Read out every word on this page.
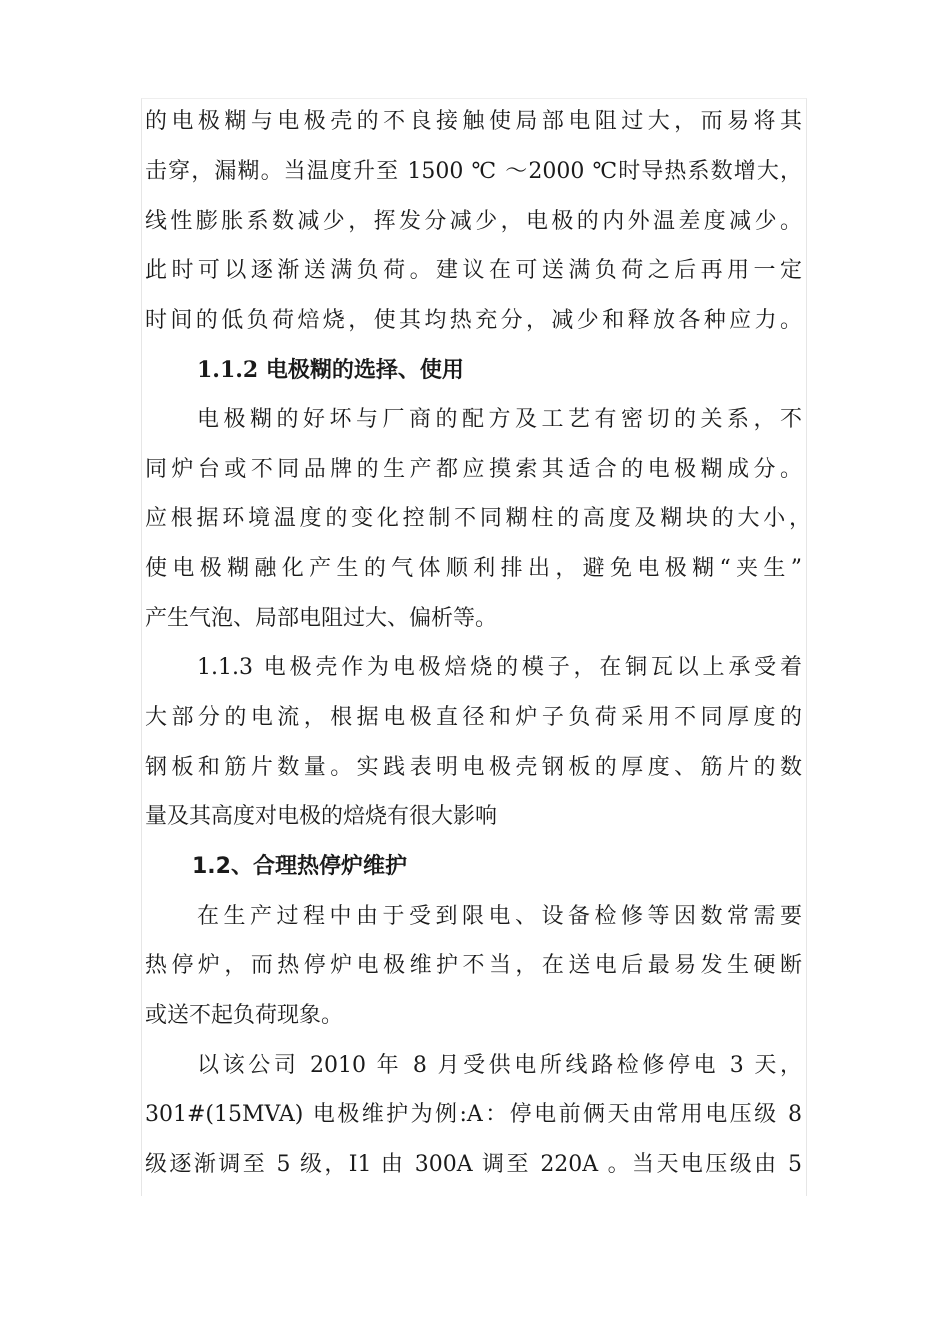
的电极糊与电极壳的不良接触使局部电阻过大，而易将其
击穿，漏糊。当温度升至 1500 ℃ ～2000 ℃时导热系数增大，
线性膨胀系数减少，挥发分减少，电极的内外温差度减少。
此时可以逐渐送满负荷。建议在可送满负荷之后再用一定
时间的低负荷焙烧，使其均热充分，减少和释放各种应力。
1.1.2 电极糊的选择、使用
电极糊的好坏与厂商的配方及工艺有密切的关系，不
同炉台或不同品牌的生产都应摸索其适合的电极糊成分。
应根据环境温度的变化控制不同糊柱的高度及糊块的大小，
使电极糊融化产生的气体顺利排出，避免电极糊“夹生”
产生气泡、局部电阻过大、偏析等。
1.1.3 电极壳作为电极焙烧的模子，在铜瓦以上承受着
大部分的电流，根据电极直径和炉子负荷采用不同厚度的
钢板和筋片数量。实践表明电极壳钢板的厚度、筋片的数
量及其高度对电极的焙烧有很大影响
1.2、合理热停炉维护
在生产过程中由于受到限电、设备检修等因数常需要
热停炉，而热停炉电极维护不当，在送电后最易发生硬断
或送不起负荷现象。
以该公司 2010 年 8 月受供电所线路检修停电 3 天，
301#(15MVA) 电极维护为例:A：停电前俩天由常用电压级 8
级逐渐调至 5 级，I1 由 300A 调至 220A 。当天电压级由 5
